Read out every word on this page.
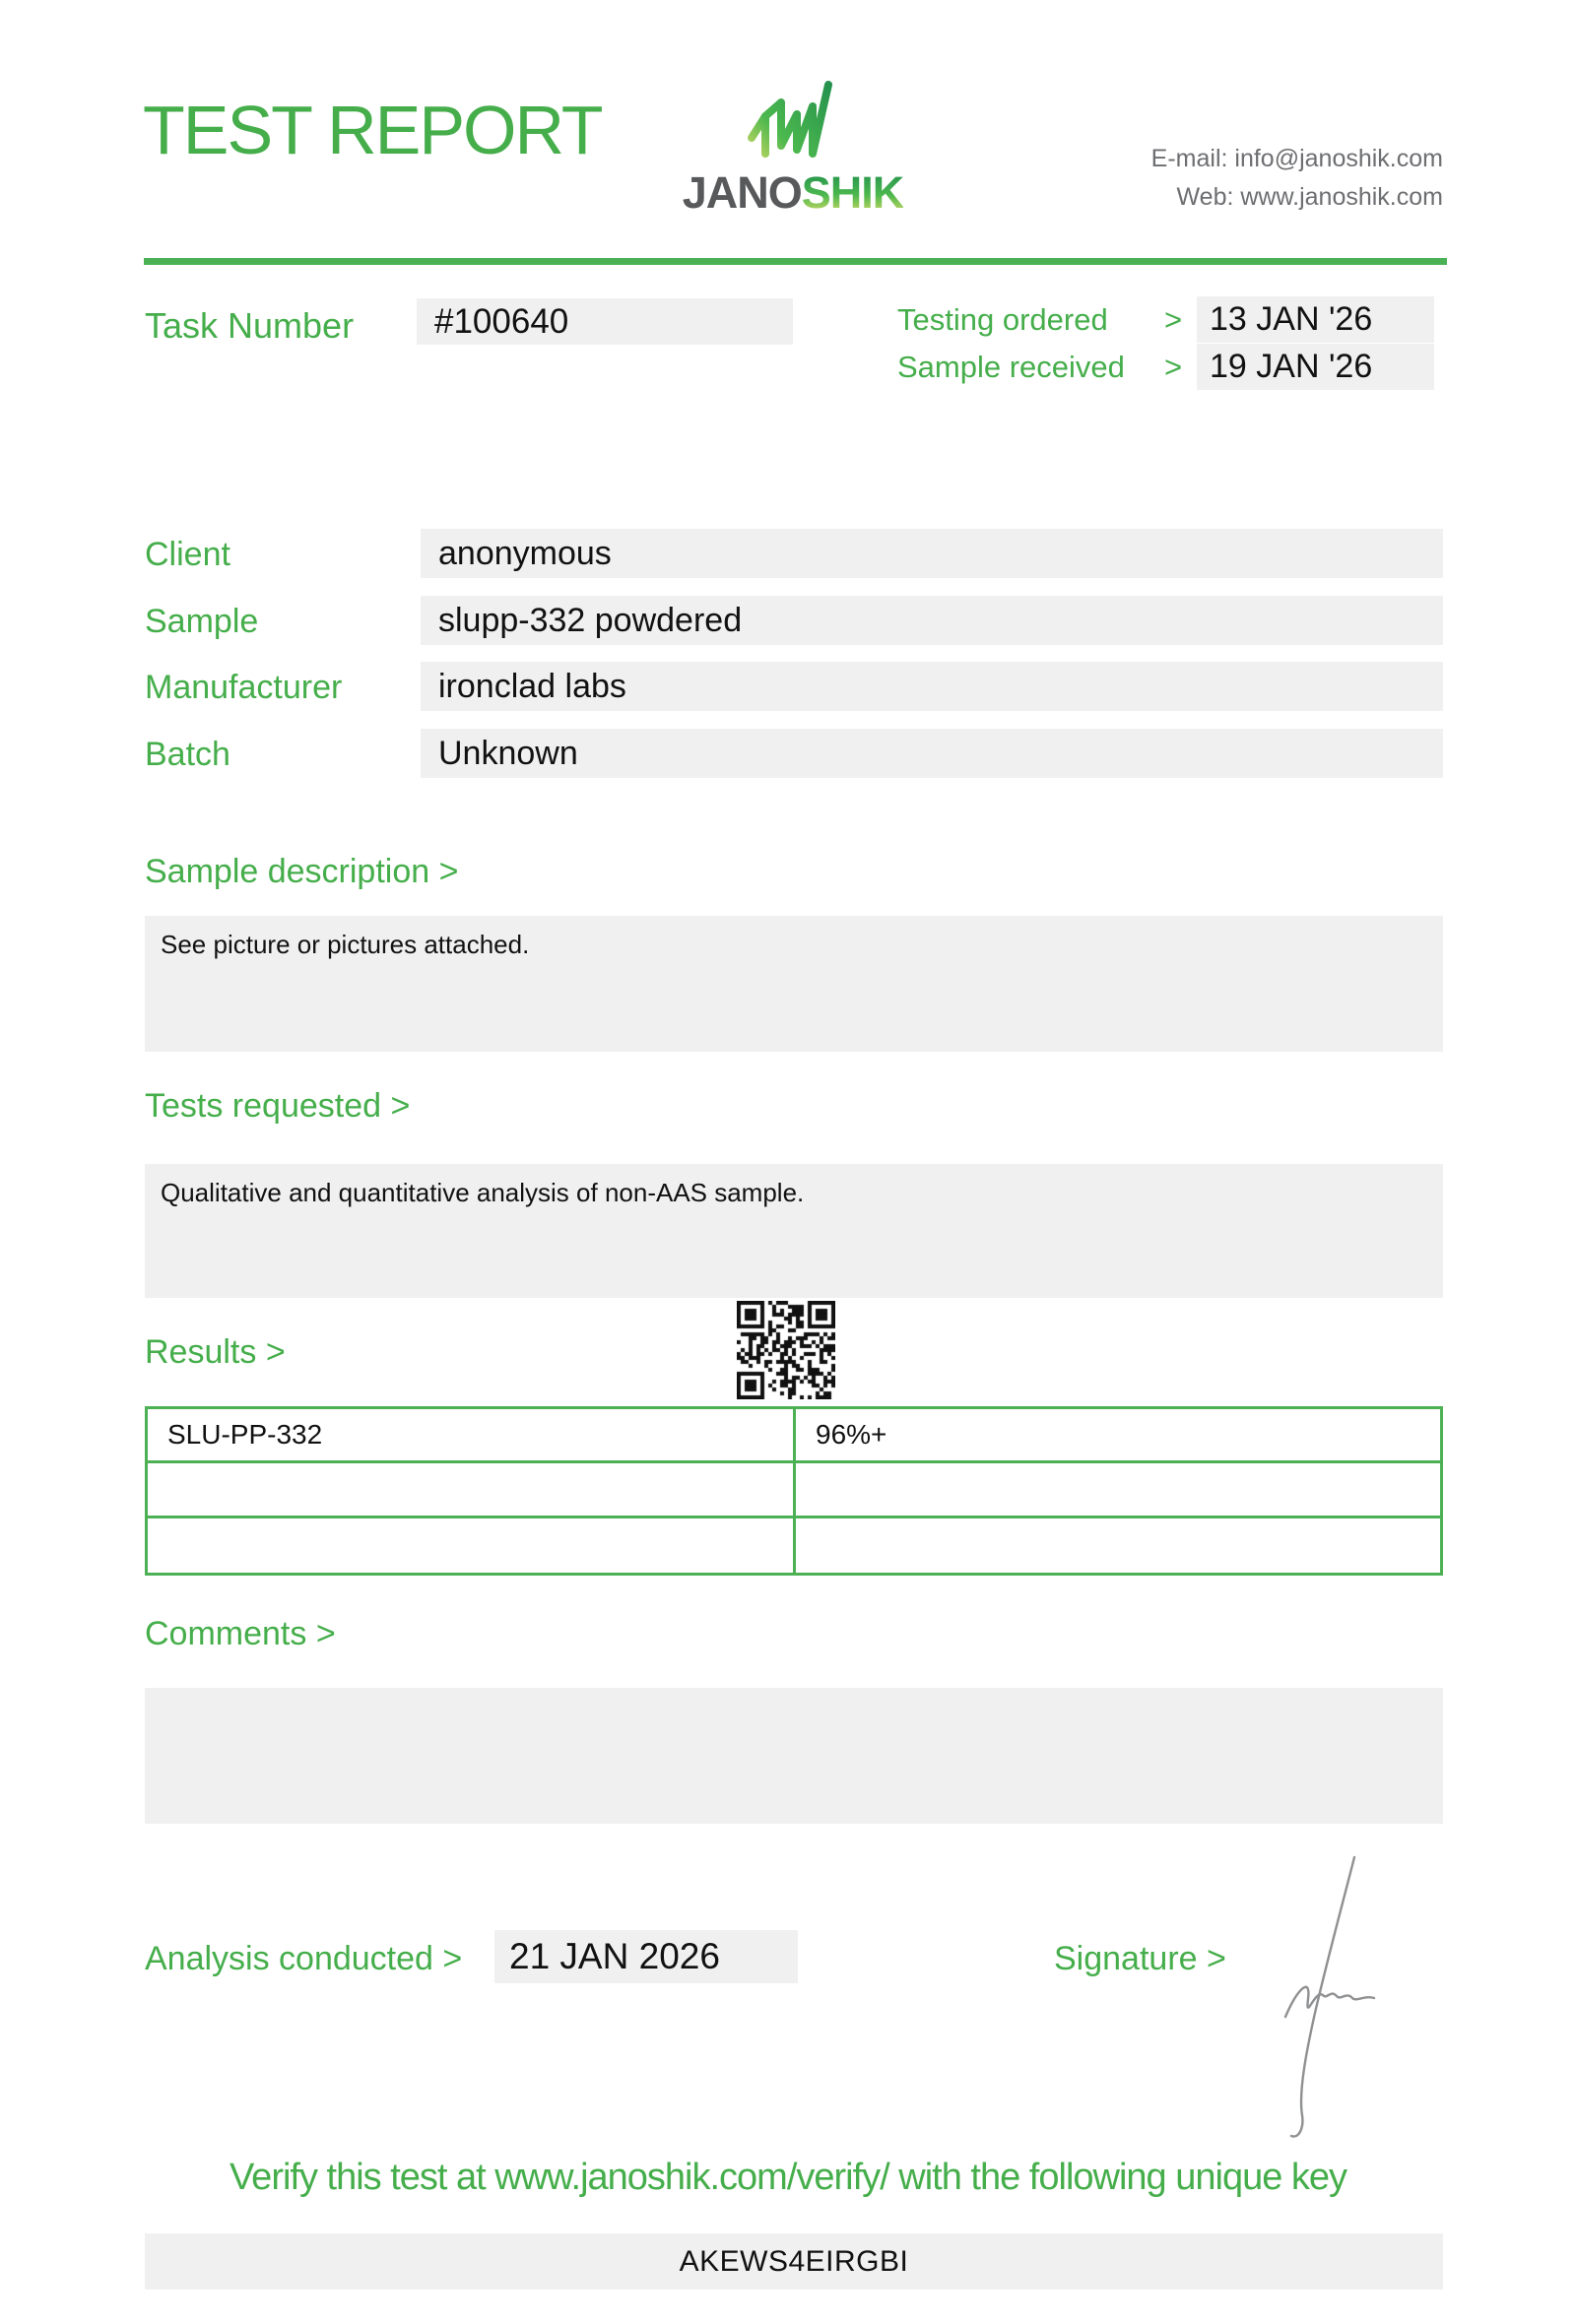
TEST REPORT
JANOSHIK
E-mail: info@janoshik.com
Web: www.janoshik.com
Task Number	#100640	Testing ordered > 13 JAN '26
Sample received > 19 JAN '26
Client	anonymous
Sample	slupp-332 powdered
Manufacturer	ironclad labs
Batch	Unknown
Sample description >
See picture or pictures attached.
Tests requested >
Qualitative and quantitative analysis of non-AAS sample.
Results >
SLU-PP-332	96%+
Comments >
Analysis conducted >	21 JAN 2026	Signature >
Verify this test at www.janoshik.com/verify/ with the following unique key
AKEWS4EIRGBI
